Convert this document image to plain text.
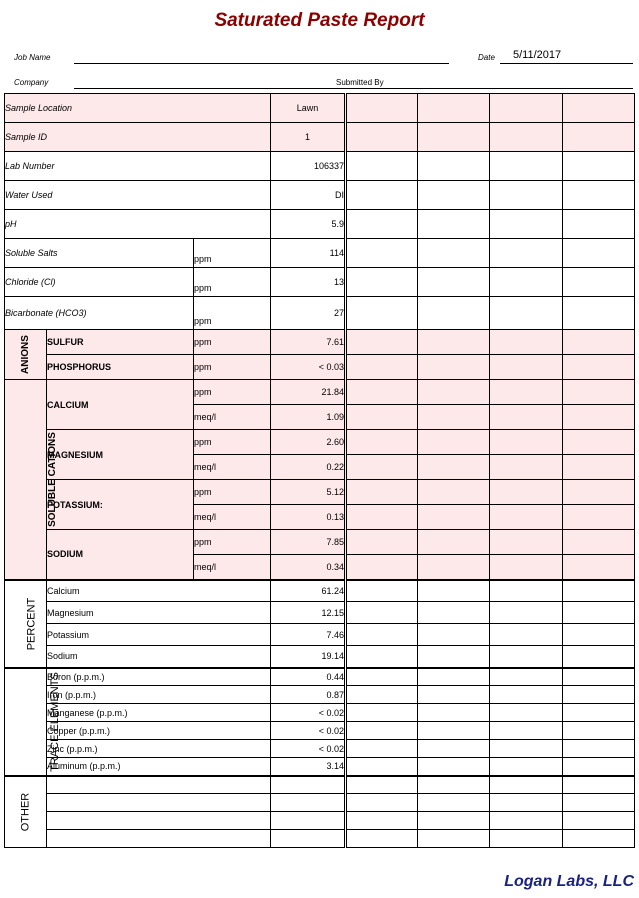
Saturated Paste Report
Job Name	Date 5/11/2017
Company	Submitted By
Sample Location			Lawn				
Sample ID			1				
Lab Number			106337				
Water Used			DI				
pH			5.9				
Soluble Salts		ppm	114				
Chloride (Cl)		ppm	13				
Bicarbonate (HCO3)		ppm	27				
ANIONS	SULFUR	ppm	7.61				
	PHOSPHORUS	ppm	< 0.03				
SOLUBLE CATIONS	CALCIUM	ppm	21.84				
		meq/l	1.09				
	MAGNESIUM	ppm	2.60				
		meq/l	0.22				
	POTASSIUM:	ppm	5.12				
		meq/l	0.13				
	SODIUM	ppm	7.85				
		meq/l	0.34				
PERCENT	Calcium		61.24				
	Magnesium		12.15				
	Potassium		7.46				
	Sodium		19.14				
TRACE ELEMENTS	Boron (p.p.m.)		0.44				
	Iron (p.p.m.)		0.87				
	Manganese (p.p.m.)		< 0.02				
	Copper (p.p.m.)		< 0.02				
	Zinc (p.p.m.)		< 0.02				
	Aluminum (p.p.m.)		3.14				
OTHER							

Logan Labs, LLC
